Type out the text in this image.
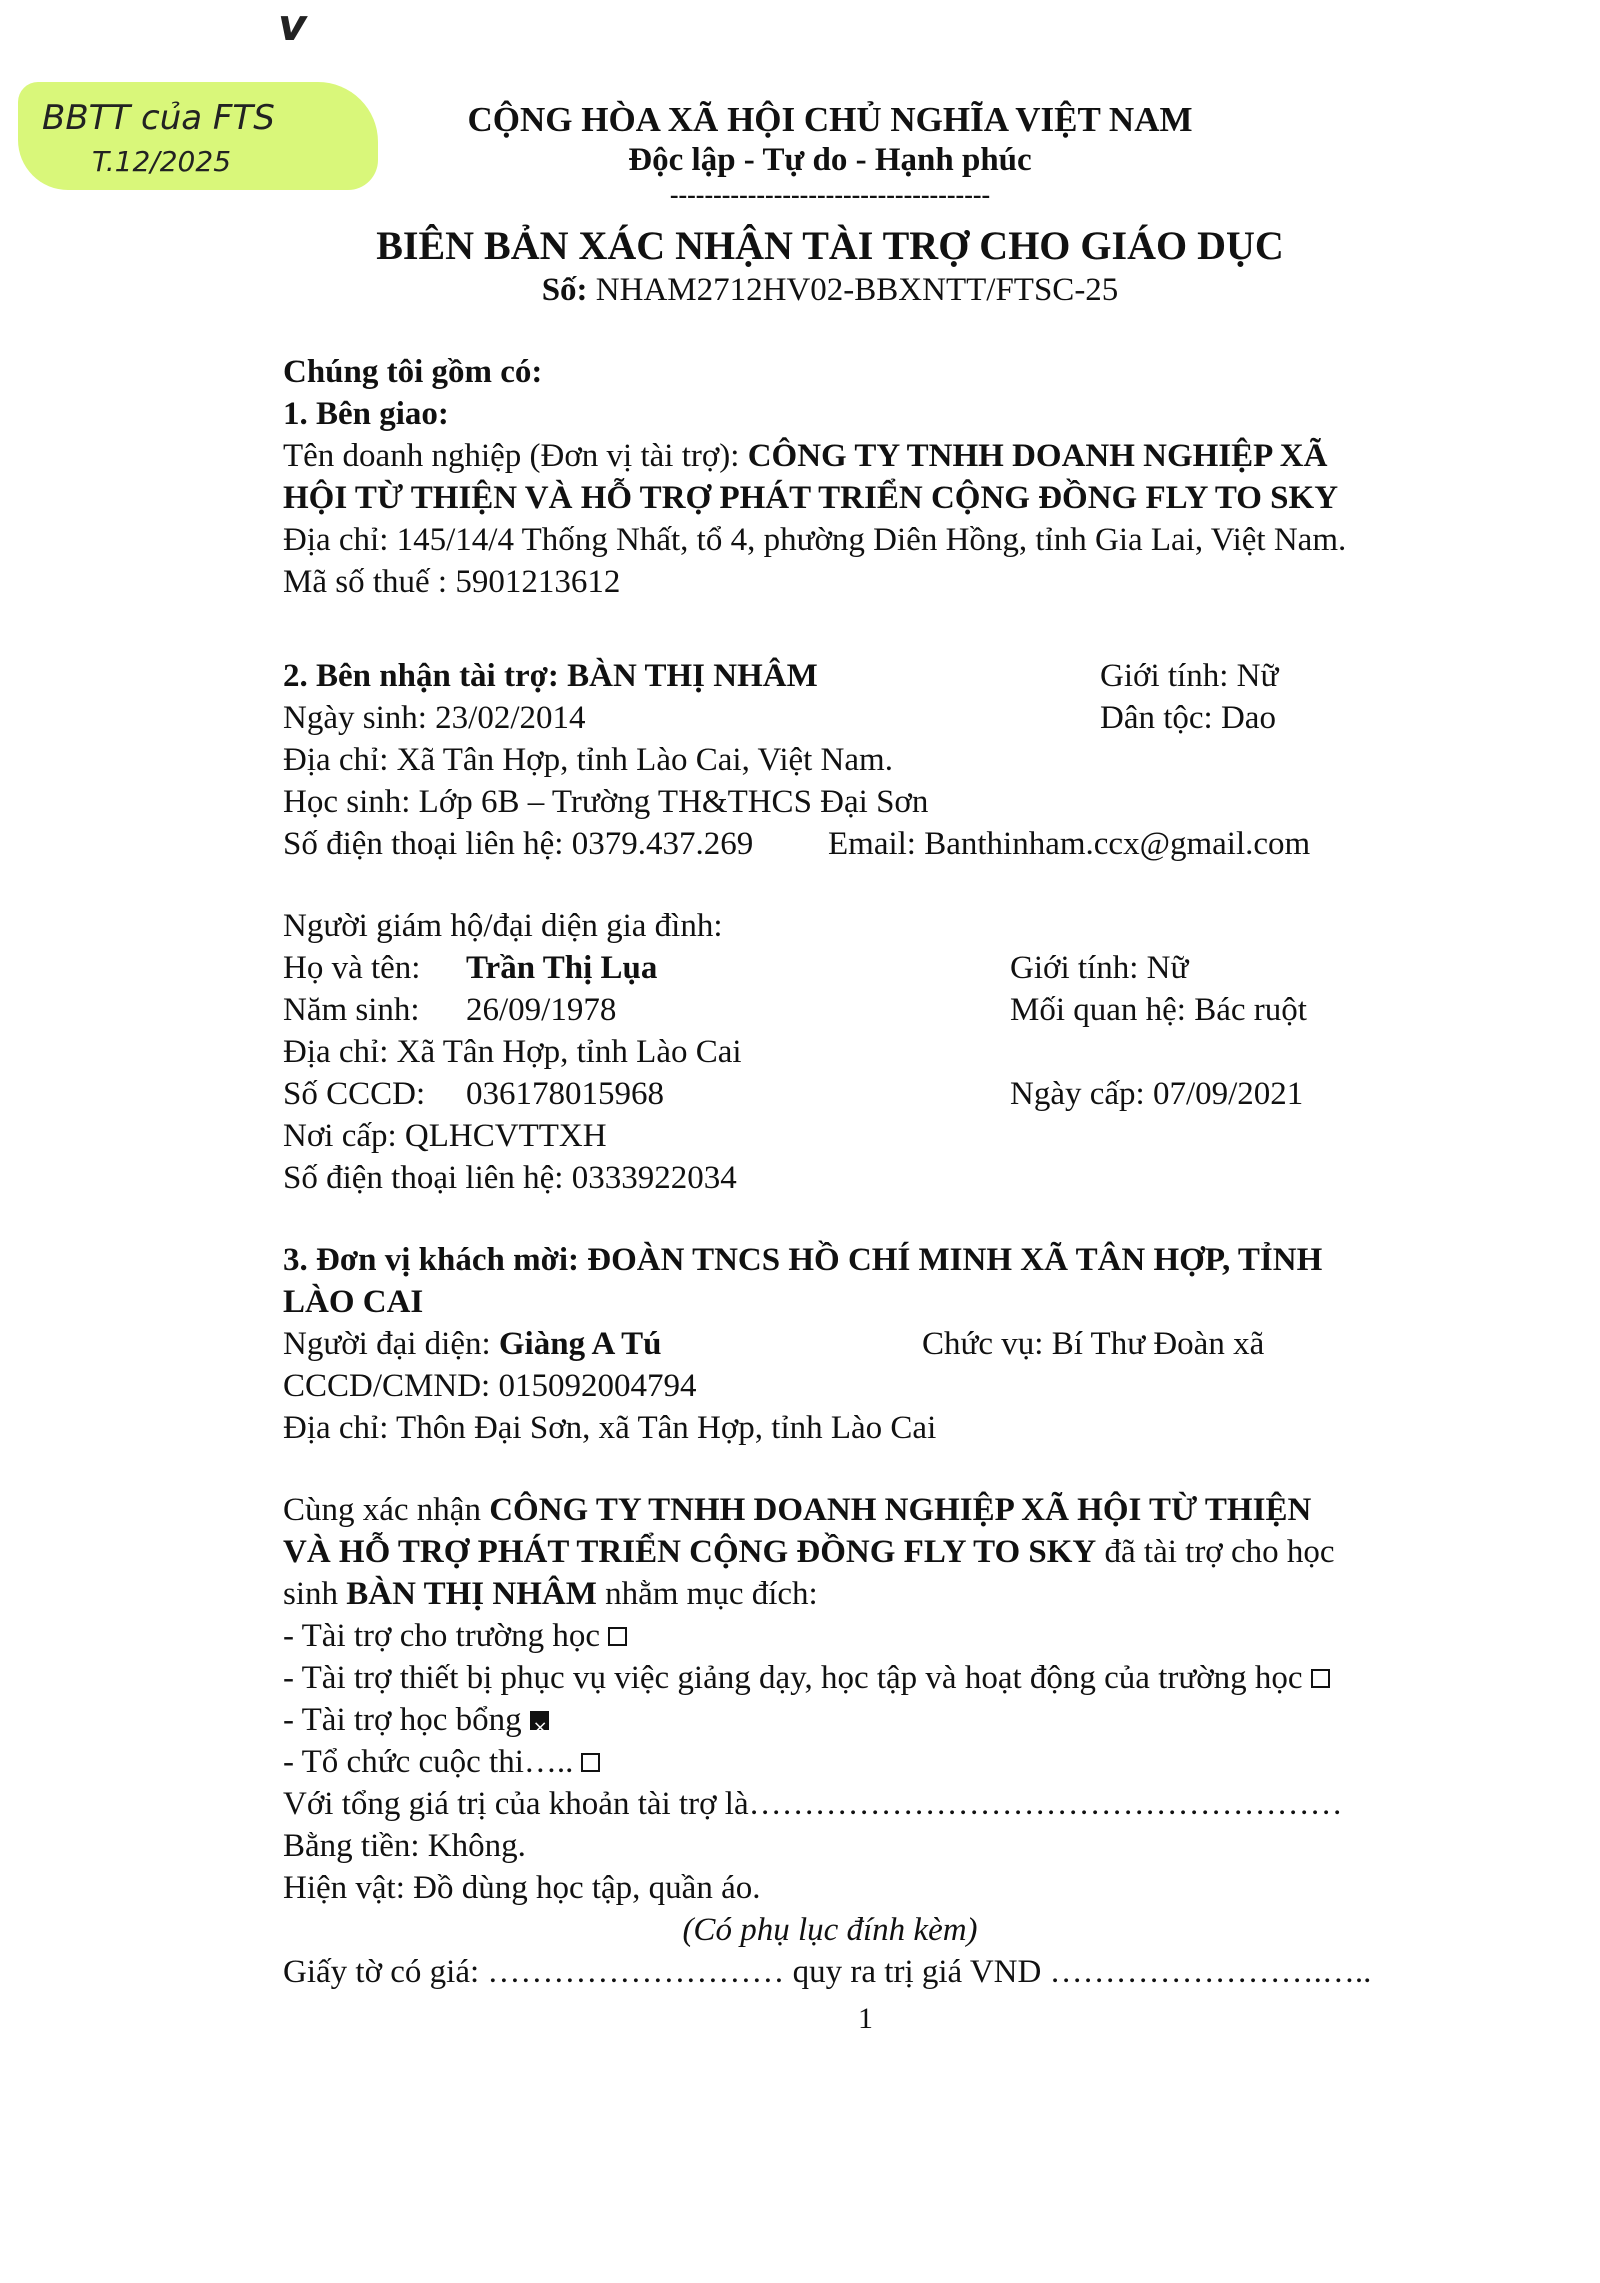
v
BBTT của FTS
T.12/2025
CỘNG HÒA XÃ HỘI CHỦ NGHĨA VIỆT NAM
Độc lập - Tự do - Hạnh phúc
-------------------------------------
BIÊN BẢN XÁC NHẬN TÀI TRỢ CHO GIÁO DỤC
Số: NHAM2712HV02-BBXNTT/FTSC-25
Chúng tôi gồm có:
1. Bên giao:
Tên doanh nghiệp (Đơn vị tài trợ): CÔNG TY TNHH DOANH NGHIỆP XÃ
HỘI TỪ THIỆN VÀ HỖ TRỢ PHÁT TRIỂN CỘNG ĐỒNG FLY TO SKY
Địa chỉ: 145/14/4 Thống Nhất, tổ 4, phường Diên Hồng, tỉnh Gia Lai, Việt Nam.
Mã số thuế : 5901213612
2. Bên nhận tài trợ: BÀN THỊ NHÂM	Giới tính: Nữ
Ngày sinh: 23/02/2014	Dân tộc: Dao
Địa chỉ: Xã Tân Hợp, tỉnh Lào Cai, Việt Nam.
Học sinh: Lớp 6B – Trường TH&THCS Đại Sơn
Số điện thoại liên hệ: 0379.437.269 Email: Banthinham.ccx@gmail.com
Người giám hộ/đại diện gia đình:
Họ và tên: Trần Thị Lụa	Giới tính: Nữ
Năm sinh: 26/09/1978	Mối quan hệ: Bác ruột
Địa chỉ: Xã Tân Hợp, tỉnh Lào Cai
Số CCCD: 036178015968	Ngày cấp: 07/09/2021
Nơi cấp: QLHCVTTXH
Số điện thoại liên hệ: 0333922034
3. Đơn vị khách mời: ĐOÀN TNCS HỒ CHÍ MINH XÃ TÂN HỢP, TỈNH
LÀO CAI
Người đại diện: Giàng A Tú	Chức vụ: Bí Thư Đoàn xã
CCCD/CMND: 015092004794
Địa chỉ: Thôn Đại Sơn, xã Tân Hợp, tỉnh Lào Cai
Cùng xác nhận CÔNG TY TNHH DOANH NGHIỆP XÃ HỘI TỪ THIỆN
VÀ HỖ TRỢ PHÁT TRIỂN CỘNG ĐỒNG FLY TO SKY đã tài trợ cho học
sinh BÀN THỊ NHÂM nhằm mục đích:
- Tài trợ cho trường học
- Tài trợ thiết bị phục vụ việc giảng dạy, học tập và hoạt động của trường học
- Tài trợ học bổng×
- Tổ chức cuộc thi…..
Với tổng giá trị của khoản tài trợ là………………………………………………
Bằng tiền: Không.
Hiện vật: Đồ dùng học tập, quần áo.
(Có phụ lục đính kèm)
Giấy tờ có giá: ……………………… quy ra trị giá VND …………………….…..
1
